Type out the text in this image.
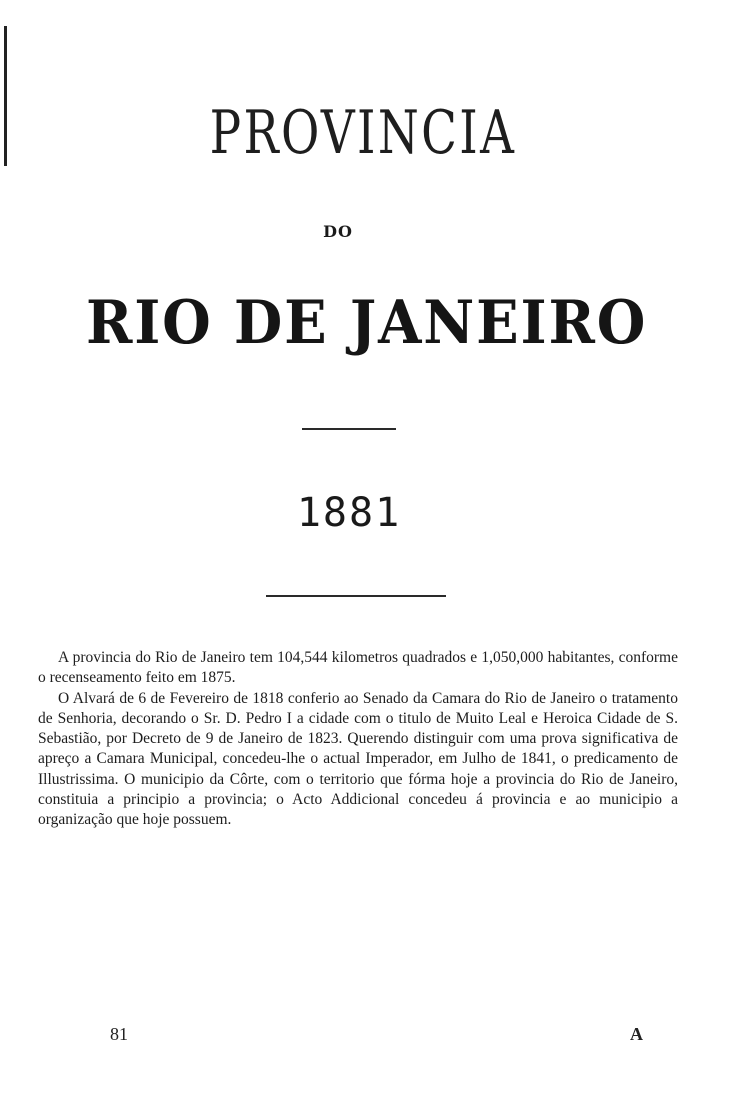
PROVINCIA
DO
RIO DE JANEIRO
1881

A provincia do Rio de Janeiro tem 104,544 kilometros quadrados e 1,050,000 habitantes, conforme o recenseamento feito em 1875.

O Alvará de 6 de Fevereiro de 1818 conferio ao Senado da Camara do Rio de Janeiro o tratamento de Senhoria, decorando o Sr. D. Pedro I a cidade com o titulo de Muito Leal e Heroica Cidade de S. Sebastião, por Decreto de 9 de Janeiro de 1823. Querendo distinguir com uma prova significativa de apreço a Camara Municipal, concedeu-lhe o actual Imperador, em Julho de 1841, o predicamento de Illustrissima. O municipio da Côrte, com o territorio que fórma hoje a provincia do Rio de Janeiro, constituia a principio a provincia; o Acto Addicional concedeu á provincia e ao municipio a organização que hoje possuem.

81	A
